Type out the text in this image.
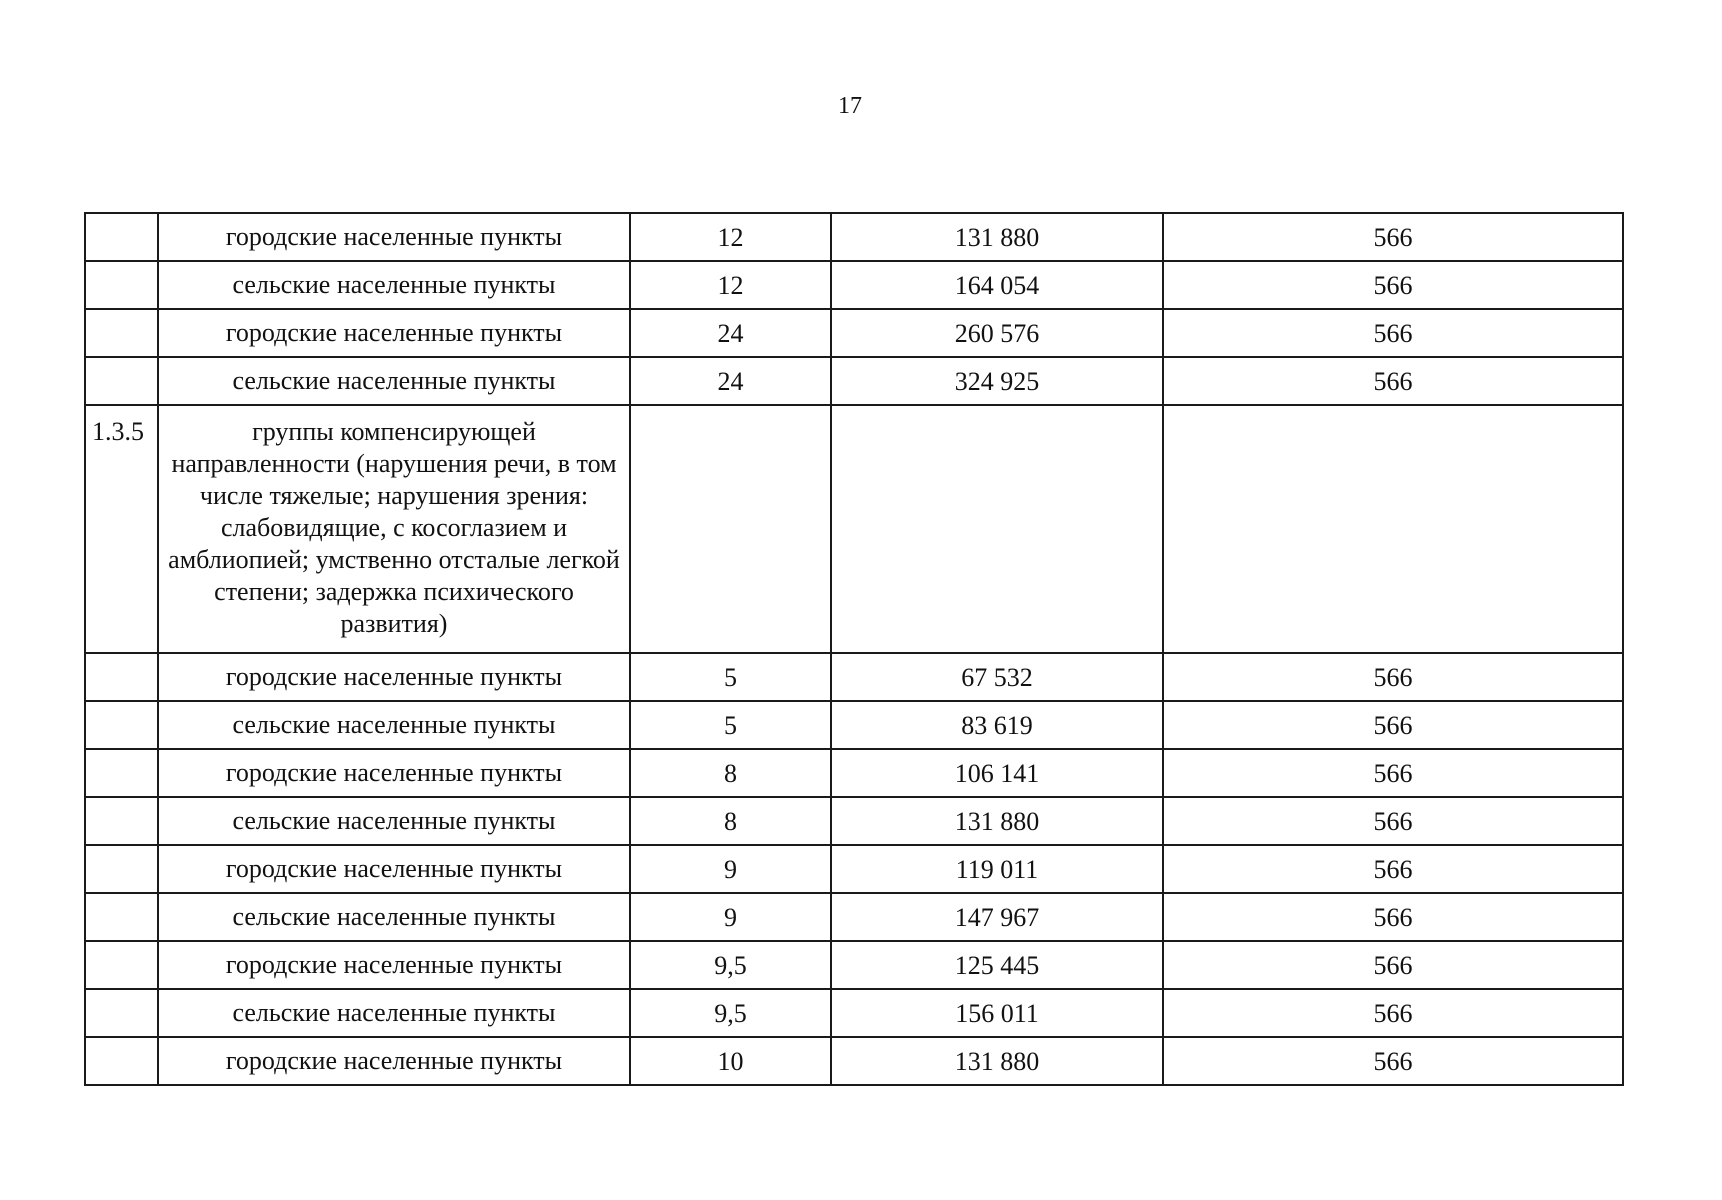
17
	городские населенные пункты	12	131 880	566
	сельские населенные пункты	12	164 054	566
	городские населенные пункты	24	260 576	566
	сельские населенные пункты	24	324 925	566
1.3.5	группы компенсирующей направленности (нарушения речи, в том числе тяжелые; нарушения зрения: слабовидящие, с косоглазием и амблиопией; умственно отсталые легкой степени; задержка психического развития)			
	городские населенные пункты	5	67 532	566
	сельские населенные пункты	5	83 619	566
	городские населенные пункты	8	106 141	566
	сельские населенные пункты	8	131 880	566
	городские населенные пункты	9	119 011	566
	сельские населенные пункты	9	147 967	566
	городские населенные пункты	9,5	125 445	566
	сельские населенные пункты	9,5	156 011	566
	городские населенные пункты	10	131 880	566
